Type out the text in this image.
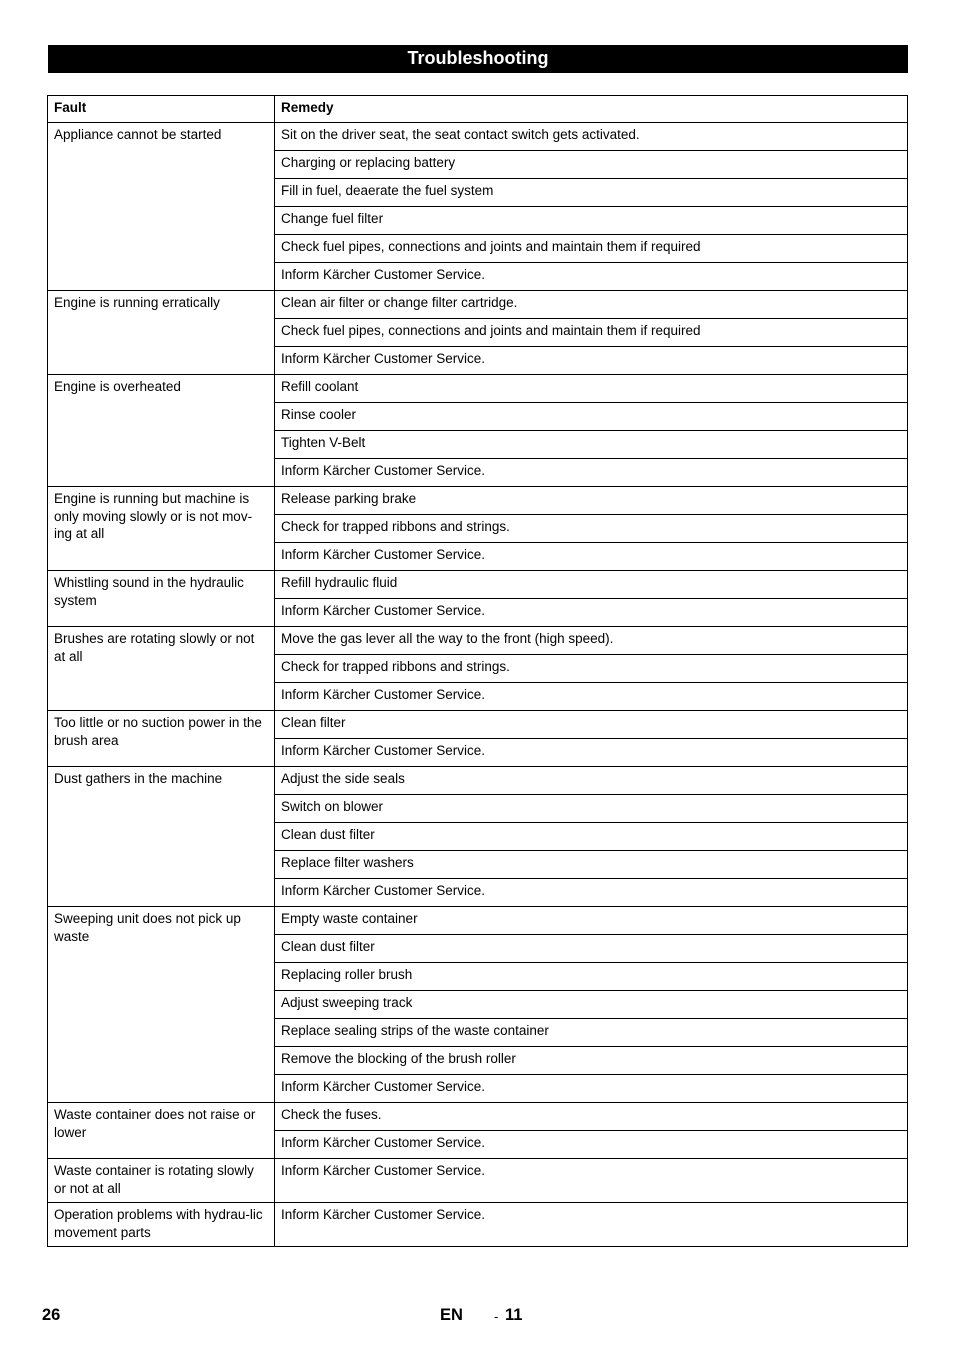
Troubleshooting
Fault	Remedy
Appliance cannot be started	Sit on the driver seat, the seat contact switch gets activated.
	Charging or replacing battery
	Fill in fuel, deaerate the fuel system
	Change fuel filter
	Check fuel pipes, connections and joints and maintain them if required
	Inform Kärcher Customer Service.
Engine is running erratically	Clean air filter or change filter cartridge.
	Check fuel pipes, connections and joints and maintain them if required
	Inform Kärcher Customer Service.
Engine is overheated	Refill coolant
	Rinse cooler
	Tighten V-Belt
	Inform Kärcher Customer Service.
Engine is running but machine is only moving slowly or is not mov-ing at all	Release parking brake
	Check for trapped ribbons and strings.
	Inform Kärcher Customer Service.
Whistling sound in the hydraulic system	Refill hydraulic fluid
	Inform Kärcher Customer Service.
Brushes are rotating slowly or not at all	Move the gas lever all the way to the front (high speed).
	Check for trapped ribbons and strings.
	Inform Kärcher Customer Service.
Too little or no suction power in the brush area	Clean filter
	Inform Kärcher Customer Service.
Dust gathers in the machine	Adjust the side seals
	Switch on blower
	Clean dust filter
	Replace filter washers
	Inform Kärcher Customer Service.
Sweeping unit does not pick up waste	Empty waste container
	Clean dust filter
	Replacing roller brush
	Adjust sweeping track
	Replace sealing strips of the waste container
	Remove the blocking of the brush roller
	Inform Kärcher Customer Service.
Waste container does not raise or lower	Check the fuses.
	Inform Kärcher Customer Service.
Waste container is rotating slowly or not at all	Inform Kärcher Customer Service.
Operation problems with hydrau-lic movement parts	Inform Kärcher Customer Service.
26	EN - 11
